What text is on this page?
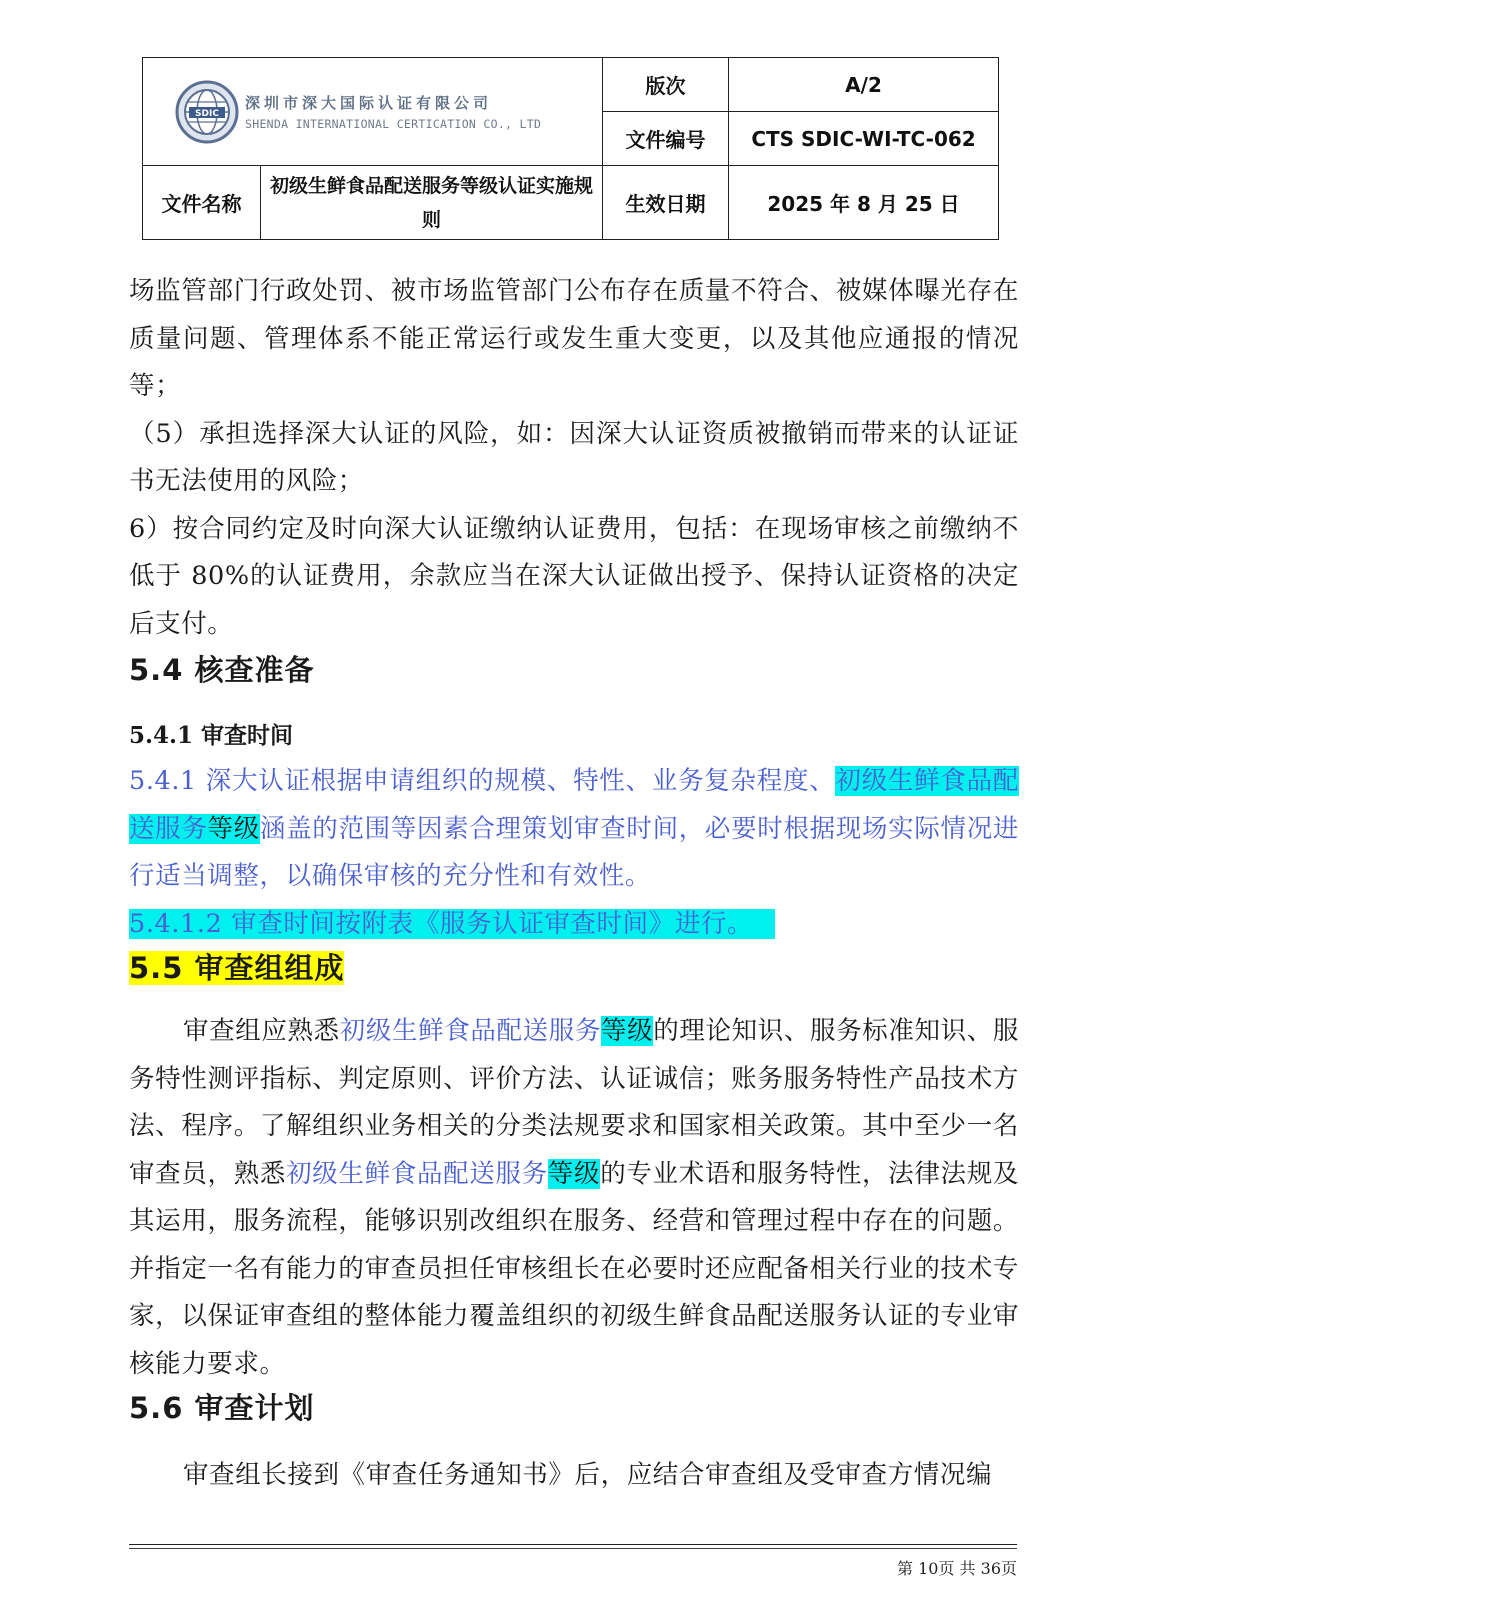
SDIC
深圳市深大国际认证有限公司
SHENDA INTERNATIONAL CERTICATION CO., LTD		版次	A/2
		文件编号	CTS SDIC-WI-TC-062
文件名称	初级生鲜食品配送服务等级认证实施规则	生效日期	2025 年 8 月 25 日

场监管部门行政处罚、被市场监管部门公布存在质量不符合、被媒体曝光存在质量问题、管理体系不能正常运行或发生重大变更，以及其他应通报的情况等；

（5）承担选择深大认证的风险，如：因深大认证资质被撤销而带来的认证证书无法使用的风险；

6）按合同约定及时向深大认证缴纳认证费用，包括：在现场审核之前缴纳不低于 80%的认证费用，余款应当在深大认证做出授予、保持认证资格的决定后支付。

5.4 核查准备
5.4.1 审查时间

5.4.1 深大认证根据申请组织的规模、特性、业务复杂程度、初级生鲜食品配送服务等级涵盖的范围等因素合理策划审查时间，必要时根据现场实际情况进行适当调整，以确保审核的充分性和有效性。

5.4.1.2 审查时间按附表《服务认证审查时间》进行。

5.5 审查组组成

审查组应熟悉初级生鲜食品配送服务等级的理论知识、服务标准知识、服务特性测评指标、判定原则、评价方法、认证诚信；账务服务特性产品技术方法、程序。了解组织业务相关的分类法规要求和国家相关政策。其中至少一名审查员，熟悉初级生鲜食品配送服务等级的专业术语和服务特性，法律法规及其运用，服务流程，能够识别改组织在服务、经营和管理过程中存在的问题。并指定一名有能力的审查员担任审核组长在必要时还应配备相关行业的技术专家，以保证审查组的整体能力覆盖组织的初级生鲜食品配送服务认证的专业审核能力要求。

5.6 审查计划

审查组长接到《审查任务通知书》后，应结合审查组及受审查方情况编

第 10页 共 36页
